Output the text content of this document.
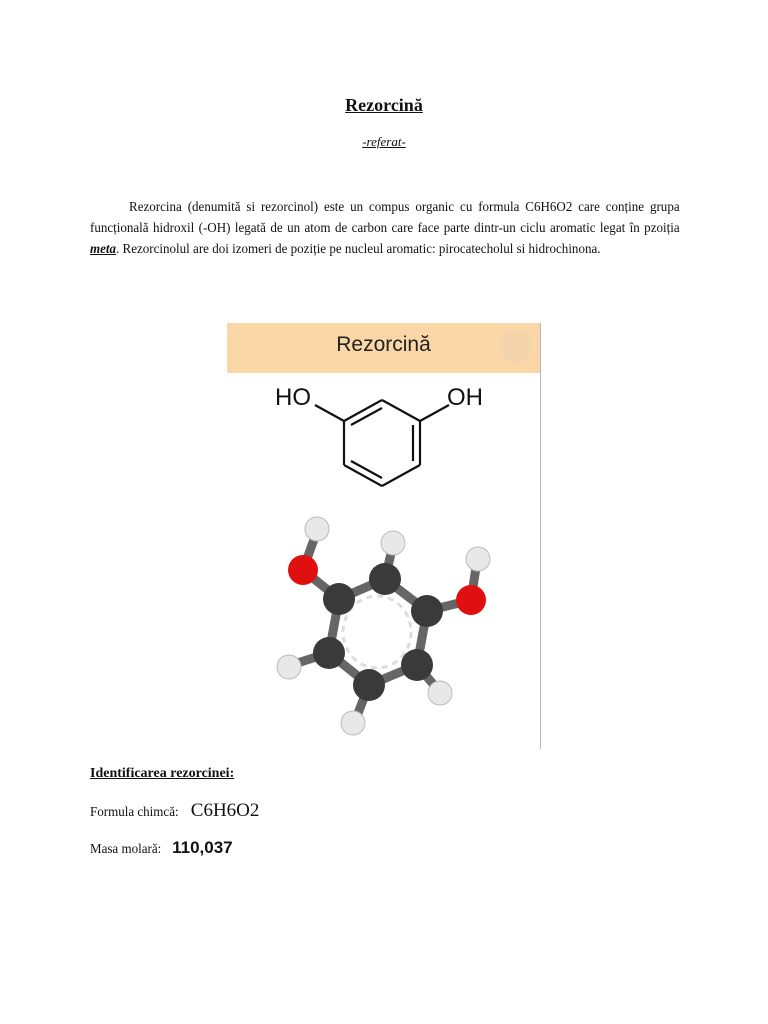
Rezorcină
-referat-
Rezorcina (denumită si rezorcinol) este un compus organic cu formula C6H6O2 care conține grupa funcțională hidroxil (-OH) legată de un atom de carbon care face parte dintr-un ciclu aromatic legat în pzoiția meta. Rezorcinolul are doi izomeri de poziție pe nucleul aromatic: pirocatecholul si hidrochinona.
Rezorcină
HO	OH
Identificarea rezorcinei:
Formula chimcă: C6H6O2
Masa molară: 110,037
